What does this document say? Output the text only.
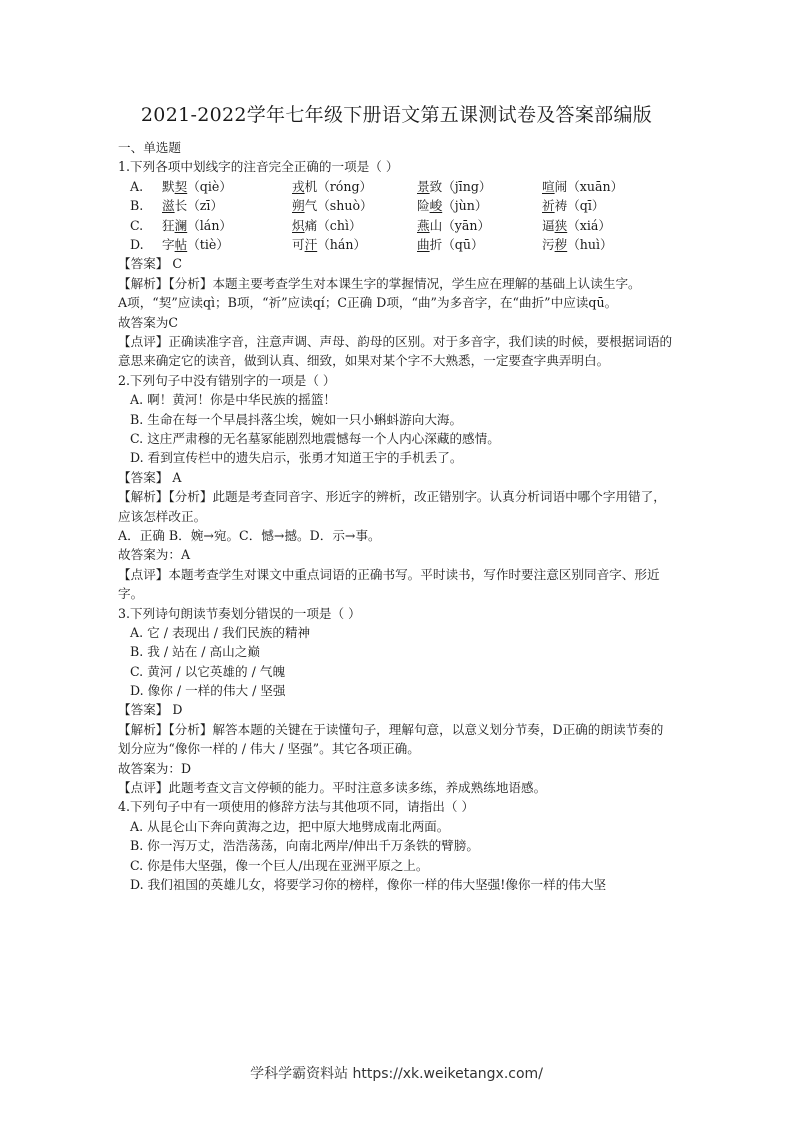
2021-2022学年七年级下册语文第五课测试卷及答案部编版
一、单选题
1.下列各项中划线字的注音完全正确的一项是（ ）
A.	默契（qiè）	戎机（róng）	景致（jīng）	喧闹（xuān）
B.	滋长（zī）	朔气（shuò）	险峻（jùn）	祈祷（qī）
C.	狂澜（lán）	炽痛（chì）	燕山（yān）	逼狭（xiá）
D.	字帖（tiè）	可汗（hán）	曲折（qū）	污秽（huì）
【答案】 C
【解析】【分析】本题主要考查学生对本课生字的掌握情况，学生应在理解的基础上认读生字。
A项，“契”应读qì；B项，“祈”应读qí；C正确 D项，“曲”为多音字，在“曲折”中应读qū。
故答案为C
【点评】正确读准字音，注意声调、声母、韵母的区别。对于多音字，我们读的时候，要根据词语的意思来确定它的读音，做到认真、细致，如果对某个字不大熟悉，一定要查字典弄明白。
2.下列句子中没有错别字的一项是（ ）
A. 啊！黄河！你是中华民族的摇篮！
B. 生命在每一个早晨抖落尘埃，婉如一只小蝌蚪游向大海。
C. 这庄严肃穆的无名墓冢能剧烈地震憾每一个人内心深藏的感情。
D. 看到宣传栏中的遗失启示，张勇才知道王宇的手机丢了。
【答案】 A
【解析】【分析】此题是考查同音字、形近字的辨析，改正错别字。认真分析词语中哪个字用错了，应该怎样改正。
A．正确 B．婉→宛。C．憾→撼。D．示→事。
故答案为：A
【点评】本题考查学生对课文中重点词语的正确书写。平时读书，写作时要注意区别同音字、形近字。
3.下列诗句朗读节奏划分错误的一项是（ ）
A. 它 / 表现出 / 我们民族的精神
B. 我 / 站在 / 高山之巅
C. 黄河 / 以它英雄的 / 气魄
D. 像你 / 一样的伟大 / 坚强
【答案】 D
【解析】【分析】解答本题的关键在于读懂句子，理解句意，以意义划分节奏，D正确的朗读节奏的划分应为“像你一样的 / 伟大 / 坚强”。其它各项正确。
故答案为：D
【点评】此题考查文言文停顿的能力。平时注意多读多练，养成熟练地语感。
4.下列句子中有一项使用的修辞方法与其他项不同，请指出（ ）
A. 从昆仑山下奔向黄海之边，把中原大地劈成南北两面。
B. 你一泻万丈，浩浩荡荡，向南北两岸/伸出千万条铁的臂膀。
C. 你是伟大坚强，像一个巨人/出现在亚洲平原之上。
D. 我们祖国的英雄儿女，将要学习你的榜样，像你一样的伟大坚强!像你一样的伟大坚
学科学霸资料站 https://xk.weiketangx.com/
